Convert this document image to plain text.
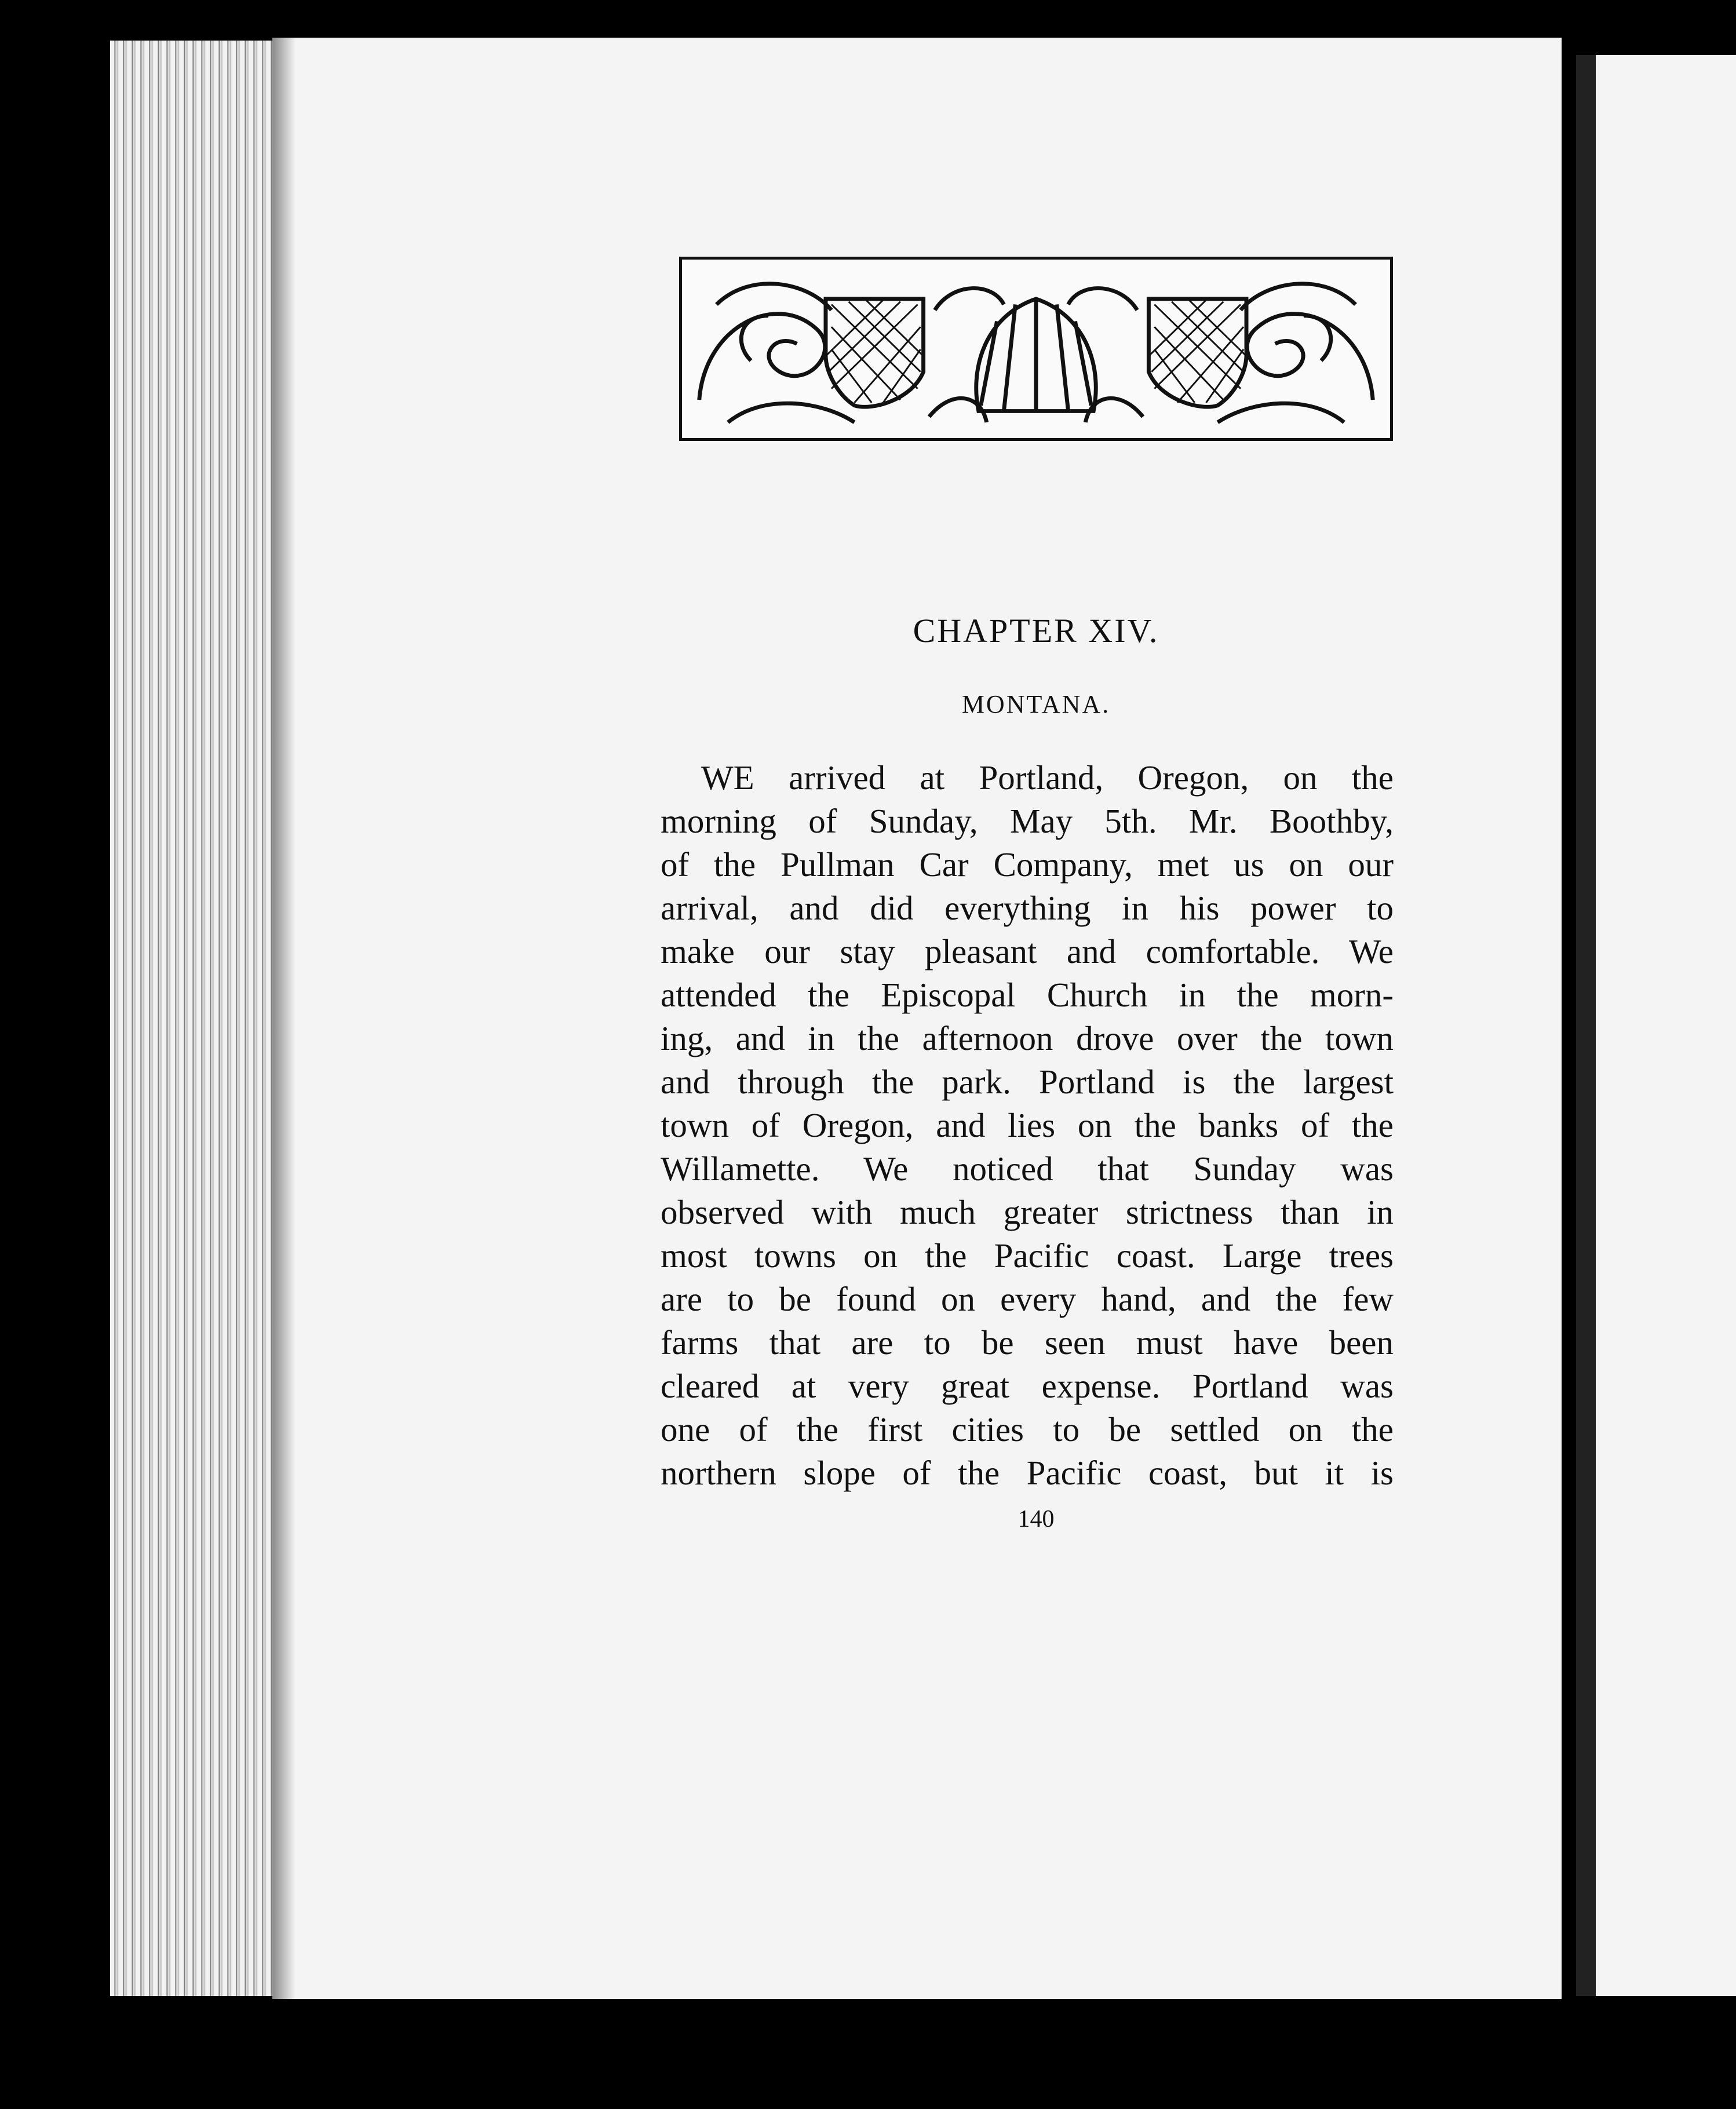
CHAPTER XIV.
MONTANA.
WE arrived at Portland, Oregon, on the
morning of Sunday, May 5th. Mr. Boothby,
of the Pullman Car Company, met us on our
arrival, and did everything in his power to
make our stay pleasant and comfortable. We
attended the Episcopal Church in the morn-
ing, and in the afternoon drove over the town
and through the park. Portland is the largest
town of Oregon, and lies on the banks of the
Willamette. We noticed that Sunday was
observed with much greater strictness than in
most towns on the Pacific coast. Large trees
are to be found on every hand, and the few
farms that are to be seen must have been
cleared at very great expense. Portland was
one of the first cities to be settled on the
northern slope of the Pacific coast, but it is
140
